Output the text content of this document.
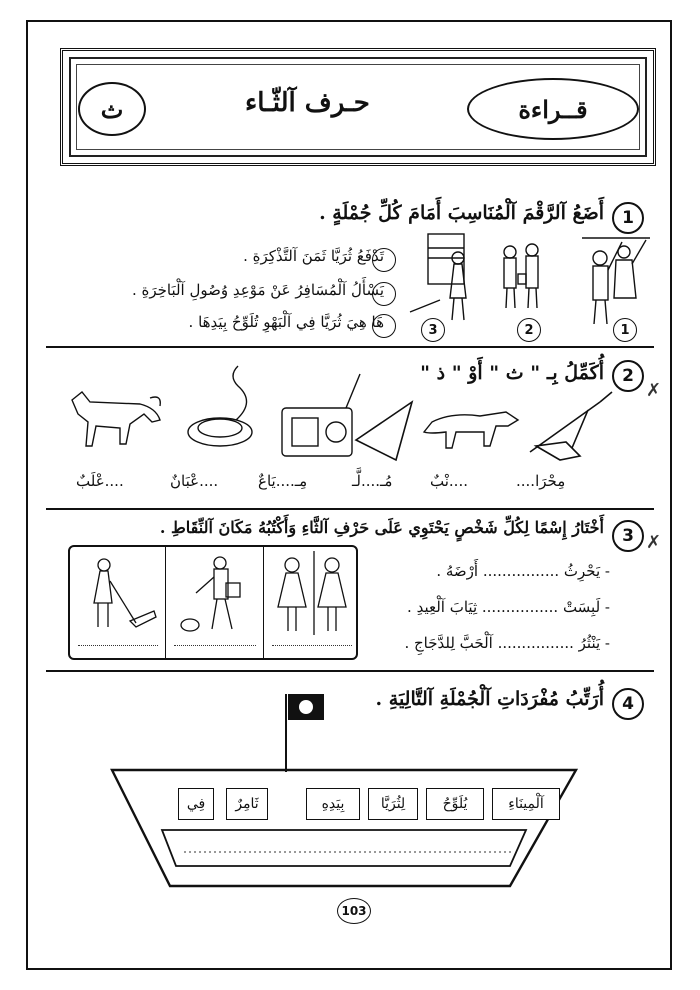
ث	حـرف آلثّـاء	قــراءة
1
أَضَعُ آلرَّقْمَ آلْمُنَاسِبَ أَمَامَ كُلِّ جُمْلَةٍ .
تَدْفَعُ ثُرَيَّا ثَمَنَ آلتَّذْكِرَةِ .
يَسْأَلُ آلْمُسَافِرُ عَنْ مَوْعِدِ وُصُولِ آلْبَاخِرَةِ .
هَا هِيَ ثُرَيَّا فِي آلْبَهْوِ تُلَوِّحُ بِيَدِهَا .	3	2	1
2
أُكَمِّلُ بِـ " ث " أَوْ " ذ "
✗
مِحْرَا....
....نْبٌ
مُـ....لَّـ
مِـ....يَاعٌ
....عْبَانٌ
....عْلَبٌ
3
أَخْتَارُ إِسْمًا لِكُلِّ شَخْصٍ يَحْتَوِي عَلَى حَرْفِ آلثَّاءِ وَأَكْتُبُهُ مَكَانَ آلنِّقَاطِ .
✗
- يَحْرِثُ ................ أَرْضَهُ .
- لَبِسَتْ ................ ثِيَابَ آلْعِيدِ .
- يَنْثُرُ ................ آلْحَبَّ لِلدَّجَاجِ .
4
أُرَتِّبُ مُفْرَدَاتِ آلْجُمْلَةِ آلتَّالِيَةِ .
آلْمِينَاءِ
يُلَوِّحُ
لِثُرَيَّا
بِيَدِهِ
ثَامِرٌ
فِي
103
